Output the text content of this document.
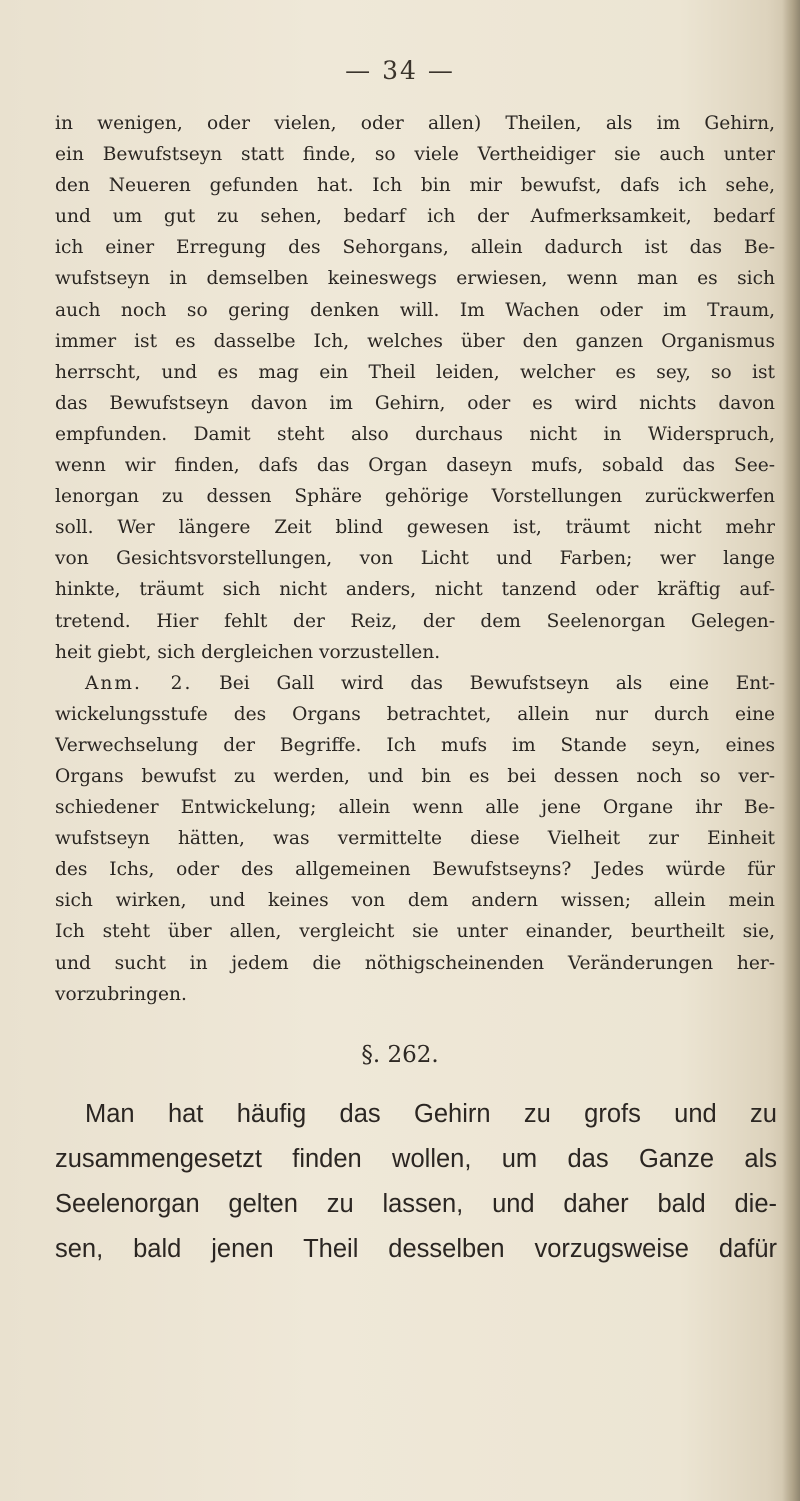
— 34 —
in wenigen, oder vielen, oder allen) Theilen, als im Gehirn,
ein Bewufstseyn statt finde, so viele Vertheidiger sie auch unter
den Neueren gefunden hat. Ich bin mir bewufst, dafs ich sehe,
und um gut zu sehen, bedarf ich der Aufmerksamkeit, bedarf
ich einer Erregung des Sehorgans, allein dadurch ist das Be-
wufstseyn in demselben keineswegs erwiesen, wenn man es sich
auch noch so gering denken will. Im Wachen oder im Traum,
immer ist es dasselbe Ich, welches über den ganzen Organismus
herrscht, und es mag ein Theil leiden, welcher es sey, so ist
das Bewufstseyn davon im Gehirn, oder es wird nichts davon
empfunden. Damit steht also durchaus nicht in Widerspruch,
wenn wir finden, dafs das Organ daseyn mufs, sobald das See-
lenorgan zu dessen Sphäre gehörige Vorstellungen zurückwerfen
soll. Wer längere Zeit blind gewesen ist, träumt nicht mehr
von Gesichtsvorstellungen, von Licht und Farben; wer lange
hinkte, träumt sich nicht anders, nicht tanzend oder kräftig auf-
tretend. Hier fehlt der Reiz, der dem Seelenorgan Gelegen-
heit giebt, sich dergleichen vorzustellen.
Anm. 2. Bei Gall wird das Bewufstseyn als eine Ent-
wickelungsstufe des Organs betrachtet, allein nur durch eine
Verwechselung der Begriffe. Ich mufs im Stande seyn, eines
Organs bewufst zu werden, und bin es bei dessen noch so ver-
schiedener Entwickelung; allein wenn alle jene Organe ihr Be-
wufstseyn hätten, was vermittelte diese Vielheit zur Einheit
des Ichs, oder des allgemeinen Bewufstseyns? Jedes würde für
sich wirken, und keines von dem andern wissen; allein mein
Ich steht über allen, vergleicht sie unter einander, beurtheilt sie,
und sucht in jedem die nöthigscheinenden Veränderungen her-
vorzubringen.
§. 262.
Man hat häufig das Gehirn zu grofs und zu
zusammengesetzt finden wollen, um das Ganze als
Seelenorgan gelten zu lassen, und daher bald die-
sen, bald jenen Theil desselben vorzugsweise dafür
